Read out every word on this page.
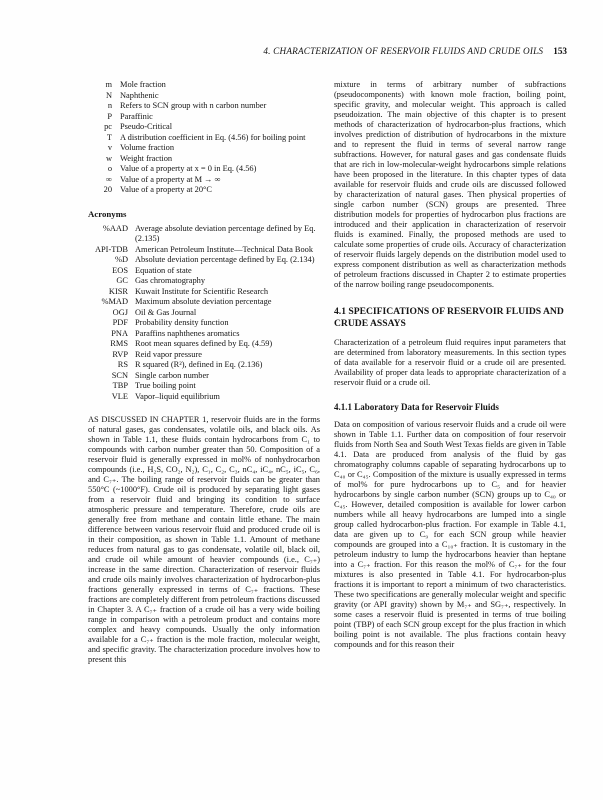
4. CHARACTERIZATION OF RESERVOIR FLUIDS AND CRUDE OILS 153
m Mole fraction
N Naphthenic
n Refers to SCN group with n carbon number
P Paraffinic
pc Pseudo-Critical
T A distribution coefficient in Eq. (4.56) for boiling point
v Volume fraction
w Weight fraction
o Value of a property at x = 0 in Eq. (4.56)
∞ Value of a property at M → ∞
20 Value of a property at 20°C
Acronyms
%AAD Average absolute deviation percentage defined by Eq. (2.135)
API-TDB American Petroleum Institute—Technical Data Book
%D Absolute deviation percentage defined by Eq. (2.134)
EOS Equation of state
GC Gas chromatography
KISR Kuwait Institute for Scientific Research
%MAD Maximum absolute deviation percentage
OGJ Oil & Gas Journal
PDF Probability density function
PNA Paraffins naphthenes aromatics
RMS Root mean squares defined by Eq. (4.59)
RVP Reid vapor pressure
RS R squared (R²), defined in Eq. (2.136)
SCN Single carbon number
TBP True boiling point
VLE Vapor–liquid equilibrium

AS DISCUSSED IN CHAPTER 1, reservoir fluids are in the forms of natural gases, gas condensates, volatile oils, and black oils. As shown in Table 1.1, these fluids contain hydrocarbons from C₁ to compounds with carbon number greater than 50. Composition of a reservoir fluid is generally expressed in mol% of nonhydrocarbon compounds (i.e., H₂S, CO₂, N₂), C₁, C₂, C₃, nC₄, iC₄, nC₅, iC₅, C₆, and C₇₊. The boiling range of reservoir fluids can be greater than 550°C (~1000°F). Crude oil is produced by separating light gases from a reservoir fluid and bringing its condition to surface atmospheric pressure and temperature. Therefore, crude oils are generally free from methane and contain little ethane. The main difference between various reservoir fluid and produced crude oil is in their composition, as shown in Table 1.1. Amount of methane reduces from natural gas to gas condensate, volatile oil, black oil, and crude oil while amount of heavier compounds (i.e., C₇₊) increase in the same direction. Characterization of reservoir fluids and crude oils mainly involves characterization of hydrocarbon-plus fractions generally expressed in terms of C₇₊ fractions. These fractions are completely different from petroleum fractions discussed in Chapter 3. A C₇₊ fraction of a crude oil has a very wide boiling range in comparison with a petroleum product and contains more complex and heavy compounds. Usually the only information available for a C₇₊ fraction is the mole fraction, molecular weight, and specific gravity. The characterization procedure involves how to present this

mixture in terms of arbitrary number of subfractions (pseudocomponents) with known mole fraction, boiling point, specific gravity, and molecular weight. This approach is called pseudoization. The main objective of this chapter is to present methods of characterization of hydrocarbon-plus fractions, which involves prediction of distribution of hydrocarbons in the mixture and to represent the fluid in terms of several narrow range subfractions. However, for natural gases and gas condensate fluids that are rich in low-molecular-weight hydrocarbons simple relations have been proposed in the literature. In this chapter types of data available for reservoir fluids and crude oils are discussed followed by characterization of natural gases. Then physical properties of single carbon number (SCN) groups are presented. Three distribution models for properties of hydrocarbon plus fractions are introduced and their application in characterization of reservoir fluids is examined. Finally, the proposed methods are used to calculate some properties of crude oils. Accuracy of characterization of reservoir fluids largely depends on the distribution model used to express component distribution as well as characterization methods of petroleum fractions discussed in Chapter 2 to estimate properties of the narrow boiling range pseudocomponents.

4.1 SPECIFICATIONS OF RESERVOIR FLUIDS AND CRUDE ASSAYS

Characterization of a petroleum fluid requires input parameters that are determined from laboratory measurements. In this section types of data available for a reservoir fluid or a crude oil are presented. Availability of proper data leads to appropriate characterization of a reservoir fluid or a crude oil.

4.1.1 Laboratory Data for Reservoir Fluids

Data on composition of various reservoir fluids and a crude oil were shown in Table 1.1. Further data on composition of four reservoir fluids from North Sea and South West Texas fields are given in Table 4.1. Data are produced from analysis of the fluid by gas chromatography columns capable of separating hydrocarbons up to C₄₀ or C₄₅. Composition of the mixture is usually expressed in terms of mol% for pure hydrocarbons up to C₅ and for heavier hydrocarbons by single carbon number (SCN) groups up to C₄₀ or C₄₅. However, detailed composition is available for lower carbon numbers while all heavy hydrocarbons are lumped into a single group called hydrocarbon-plus fraction. For example in Table 4.1, data are given up to C₉ for each SCN group while heavier compounds are grouped into a C₁₀₊ fraction. It is customary in the petroleum industry to lump the hydrocarbons heavier than heptane into a C₇₊ fraction. For this reason the mol% of C₇₊ for the four mixtures is also presented in Table 4.1. For hydrocarbon-plus fractions it is important to report a minimum of two characteristics. These two specifications are generally molecular weight and specific gravity (or API gravity) shown by M₇₊ and SG₇₊, respectively. In some cases a reservoir fluid is presented in terms of true boiling point (TBP) of each SCN group except for the plus fraction in which boiling point is not available. The plus fractions contain heavy compounds and for this reason their
